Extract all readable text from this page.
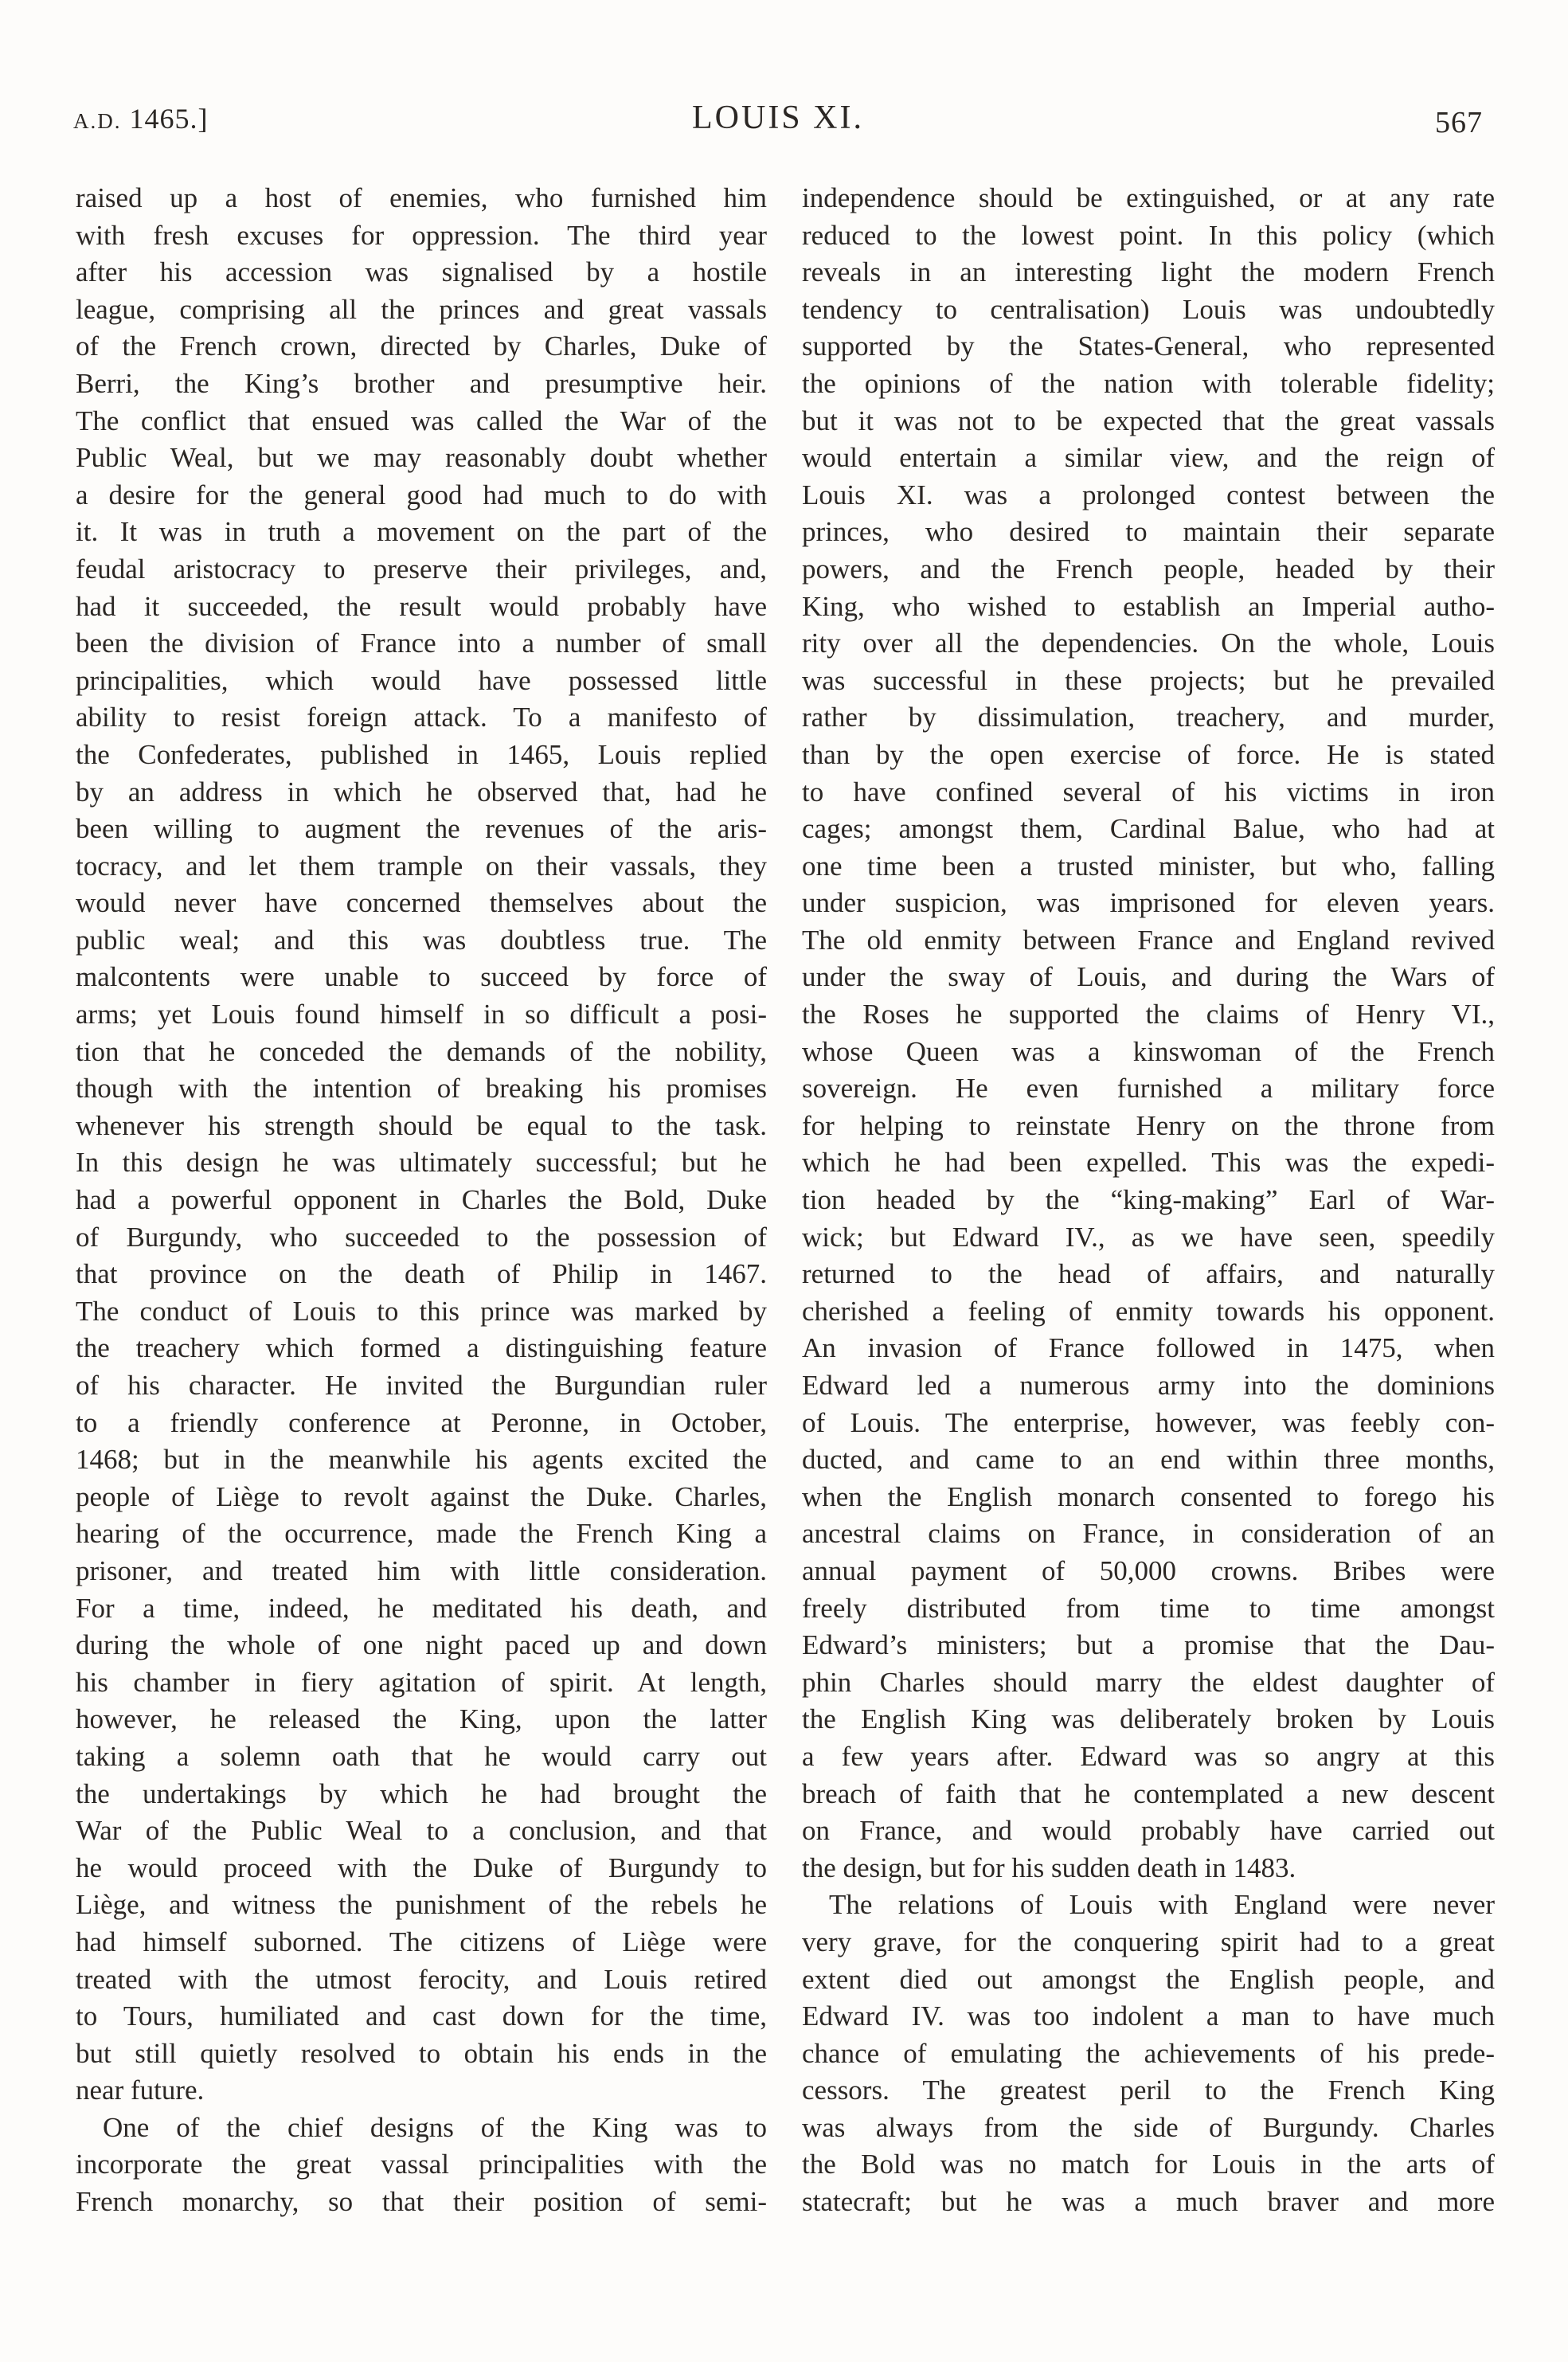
A.D. 1465.]	LOUIS XI.	567
raised up a host of enemies, who furnished him
with fresh excuses for oppression. The third year
after his accession was signalised by a hostile
league, comprising all the princes and great vassals
of the French crown, directed by Charles, Duke of
Berri, the King’s brother and presumptive heir.
The conflict that ensued was called the War of the
Public Weal, but we may reasonably doubt whether
a desire for the general good had much to do with
it. It was in truth a movement on the part of the
feudal aristocracy to preserve their privileges, and,
had it succeeded, the result would probably have
been the division of France into a number of small
principalities, which would have possessed little
ability to resist foreign attack. To a manifesto of
the Confederates, published in 1465, Louis replied
by an address in which he observed that, had he
been willing to augment the revenues of the aris-
tocracy, and let them trample on their vassals, they
would never have concerned themselves about the
public weal; and this was doubtless true. The
malcontents were unable to succeed by force of
arms; yet Louis found himself in so difficult a posi-
tion that he conceded the demands of the nobility,
though with the intention of breaking his promises
whenever his strength should be equal to the task.
In this design he was ultimately successful; but he
had a powerful opponent in Charles the Bold, Duke
of Burgundy, who succeeded to the possession of
that province on the death of Philip in 1467.
The conduct of Louis to this prince was marked by
the treachery which formed a distinguishing feature
of his character. He invited the Burgundian ruler
to a friendly conference at Peronne, in October,
1468; but in the meanwhile his agents excited the
people of Liège to revolt against the Duke. Charles,
hearing of the occurrence, made the French King a
prisoner, and treated him with little consideration.
For a time, indeed, he meditated his death, and
during the whole of one night paced up and down
his chamber in fiery agitation of spirit. At length,
however, he released the King, upon the latter
taking a solemn oath that he would carry out
the undertakings by which he had brought the
War of the Public Weal to a conclusion, and that
he would proceed with the Duke of Burgundy to
Liège, and witness the punishment of the rebels he
had himself suborned. The citizens of Liège were
treated with the utmost ferocity, and Louis retired
to Tours, humiliated and cast down for the time,
but still quietly resolved to obtain his ends in the
near future.
One of the chief designs of the King was to
incorporate the great vassal principalities with the
French monarchy, so that their position of semi-
independence should be extinguished, or at any rate
reduced to the lowest point. In this policy (which
reveals in an interesting light the modern French
tendency to centralisation) Louis was undoubtedly
supported by the States-General, who represented
the opinions of the nation with tolerable fidelity;
but it was not to be expected that the great vassals
would entertain a similar view, and the reign of
Louis XI. was a prolonged contest between the
princes, who desired to maintain their separate
powers, and the French people, headed by their
King, who wished to establish an Imperial autho-
rity over all the dependencies. On the whole, Louis
was successful in these projects; but he prevailed
rather by dissimulation, treachery, and murder,
than by the open exercise of force. He is stated
to have confined several of his victims in iron
cages; amongst them, Cardinal Balue, who had at
one time been a trusted minister, but who, falling
under suspicion, was imprisoned for eleven years.
The old enmity between France and England revived
under the sway of Louis, and during the Wars of
the Roses he supported the claims of Henry VI.,
whose Queen was a kinswoman of the French
sovereign. He even furnished a military force
for helping to reinstate Henry on the throne from
which he had been expelled. This was the expedi-
tion headed by the “king-making” Earl of War-
wick; but Edward IV., as we have seen, speedily
returned to the head of affairs, and naturally
cherished a feeling of enmity towards his opponent.
An invasion of France followed in 1475, when
Edward led a numerous army into the dominions
of Louis. The enterprise, however, was feebly con-
ducted, and came to an end within three months,
when the English monarch consented to forego his
ancestral claims on France, in consideration of an
annual payment of 50,000 crowns. Bribes were
freely distributed from time to time amongst
Edward’s ministers; but a promise that the Dau-
phin Charles should marry the eldest daughter of
the English King was deliberately broken by Louis
a few years after. Edward was so angry at this
breach of faith that he contemplated a new descent
on France, and would probably have carried out
the design, but for his sudden death in 1483.
The relations of Louis with England were never
very grave, for the conquering spirit had to a great
extent died out amongst the English people, and
Edward IV. was too indolent a man to have much
chance of emulating the achievements of his prede-
cessors. The greatest peril to the French King
was always from the side of Burgundy. Charles
the Bold was no match for Louis in the arts of
statecraft; but he was a much braver and more
